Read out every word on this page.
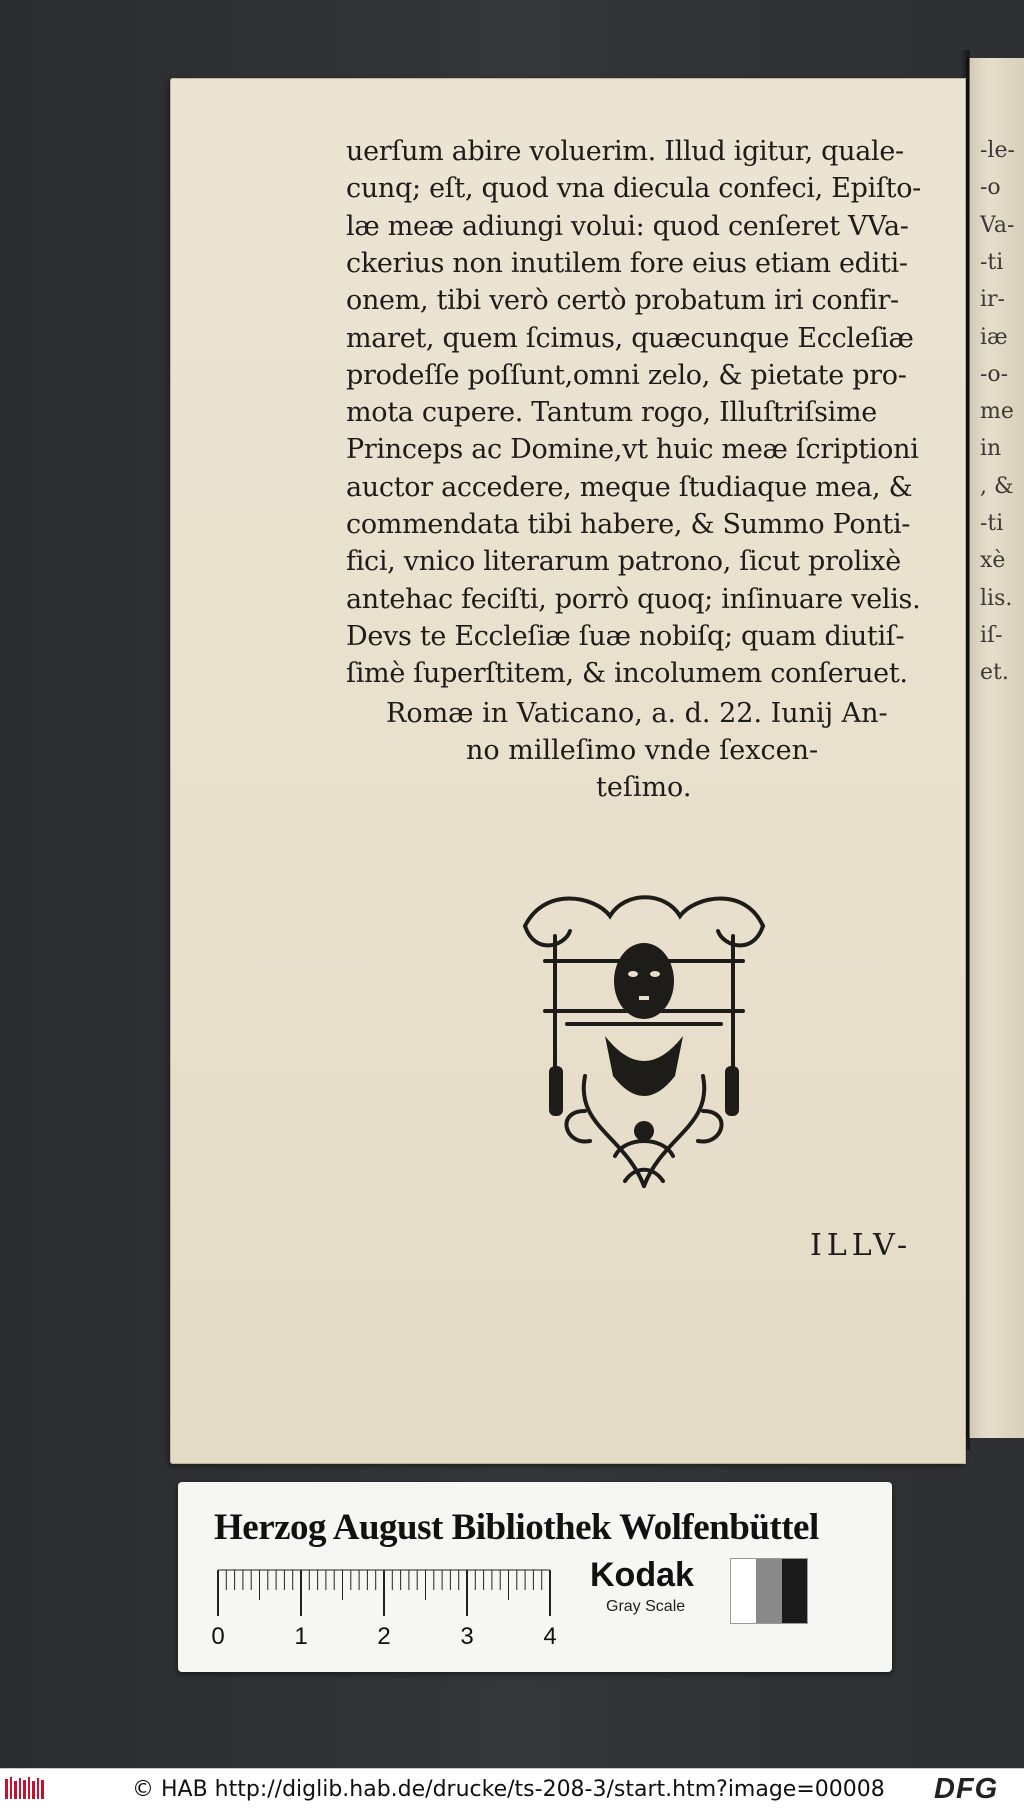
-le-
-o
Va-
-ti
ir-
iæ
-o-
me
in
, &
-ti
xè
lis.
iſ-
et.
uerſum abire voluerim. Illud igitur, quale-
cunq; eſt, quod vna diecula confeci, Epiſto-
læ meæ adiungi volui: quod cenſeret VVa-
ckerius non inutilem fore eius etiam editi-
onem, tibi verò certò probatum iri confir-
maret, quem ſcimus, quæcunque Eccleſiæ
prodeſſe poſſunt,omni zelo, & pietate pro-
mota cupere. Tantum rogo, Illuſtriſsime
Princeps ac Domine,vt huic meæ ſcriptioni
auctor accedere, meque ſtudiaque mea, &
commendata tibi habere, & Summo Ponti-
fici, vnico literarum patrono, ſicut prolixè
antehac feciſti, porrò quoq; inſinuare velis.
Devs te Eccleſiæ ſuæ nobiſq; quam diutiſ-
ſimè ſuperſtitem, & incolumem conſeruet.
Romæ in Vaticano, a. d. 22. Iunij An-
no milleſimo vnde ſexcen-
teſimo.
ILLV-
Herzog August Bibliothek Wolfenbüttel
0	1	2	3	4
Kodak
Gray Scale
© HAB http://diglib.hab.de/drucke/ts-208-3/start.htm?image=00008 DFG
